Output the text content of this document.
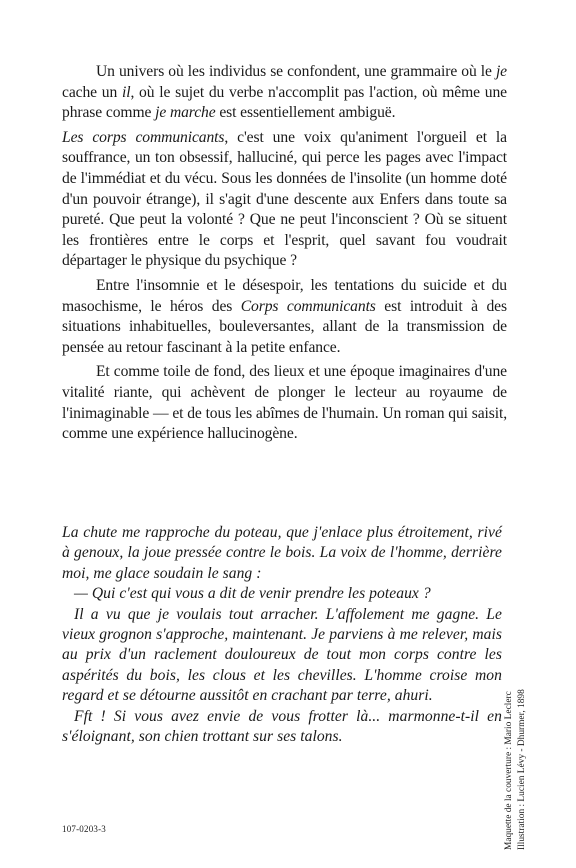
Un univers où les individus se confondent, une grammaire où le je cache un il, où le sujet du verbe n'accomplit pas l'action, où même une phrase comme je marche est essentiellement ambiguë.

Les corps communicants, c'est une voix qu'animent l'orgueil et la souffrance, un ton obsessif, halluciné, qui perce les pages avec l'impact de l'immédiat et du vécu. Sous les données de l'insolite (un homme doté d'un pouvoir étrange), il s'agit d'une descente aux Enfers dans toute sa pureté. Que peut la volonté ? Que ne peut l'inconscient ? Où se situent les frontières entre le corps et l'esprit, quel savant fou voudrait départager le physique du psychique ?

Entre l'insomnie et le désespoir, les tentations du suicide et du masochisme, le héros des Corps communicants est introduit à des situations inhabituelles, bouleversantes, allant de la transmission de pensée au retour fascinant à la petite enfance.

Et comme toile de fond, des lieux et une époque imaginaires d'une vitalité riante, qui achèvent de plonger le lecteur au royaume de l'inimaginable — et de tous les abîmes de l'humain. Un roman qui saisit, comme une expérience hallucinogène.

La chute me rapproche du poteau, que j'enlace plus étroitement, rivé à genoux, la joue pressée contre le bois. La voix de l'homme, derrière moi, me glace soudain le sang :

— Qui c'est qui vous a dit de venir prendre les poteaux ?

Il a vu que je voulais tout arracher. L'affolement me gagne. Le vieux grognon s'approche, maintenant. Je parviens à me relever, mais au prix d'un raclement douloureux de tout mon corps contre les aspérités du bois, les clous et les chevilles. L'homme croise mon regard et se détourne aussitôt en crachant par terre, ahuri.

Fft ! Si vous avez envie de vous frotter là... marmonne-t-il en s'éloignant, son chien trottant sur ses talons.

107-0203-3	Maquette de la couverture : Mario Leclerc Illustration : Lucien Lévy - Dhurmer, 1898
